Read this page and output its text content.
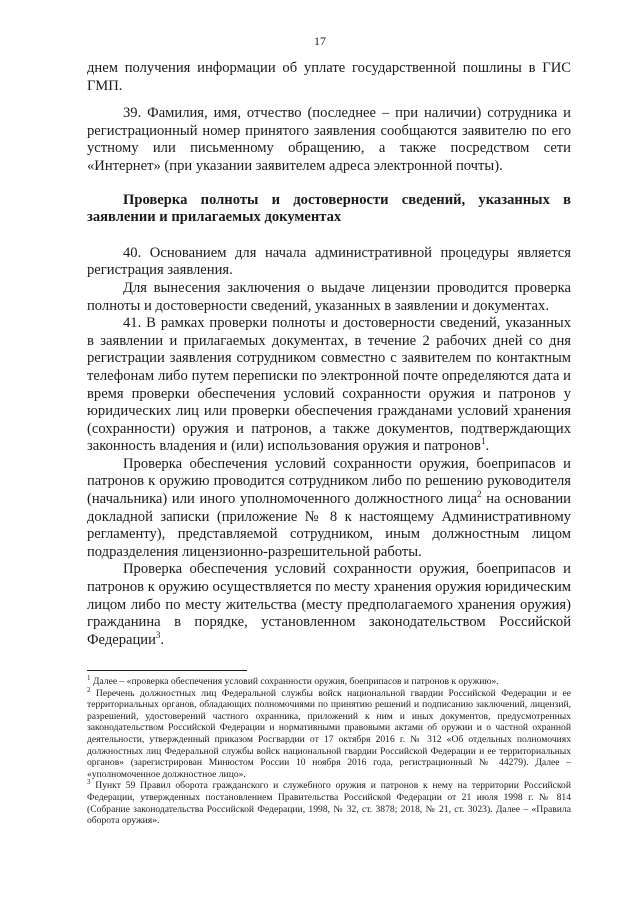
17

днем получения информации об уплате государственной пошлины в ГИС ГМП.

39. Фамилия, имя, отчество (последнее – при наличии) сотрудника и регистрационный номер принятого заявления сообщаются заявителю по его устному или письменному обращению, а также посредством сети «Интернет» (при указании заявителем адреса электронной почты).

Проверка полноты и достоверности сведений, указанных в заявлении и прилагаемых документах

40. Основанием для начала административной процедуры является регистрация заявления.

Для вынесения заключения о выдаче лицензии проводится проверка полноты и достоверности сведений, указанных в заявлении и документах.

41. В рамках проверки полноты и достоверности сведений, указанных в заявлении и прилагаемых документах, в течение 2 рабочих дней со дня регистрации заявления сотрудником совместно с заявителем по контактным телефонам либо путем переписки по электронной почте определяются дата и время проверки обеспечения условий сохранности оружия и патронов у юридических лиц или проверки обеспечения гражданами условий хранения (сохранности) оружия и патронов, а также документов, подтверждающих законность владения и (или) использования оружия и патронов$^1$.

Проверка обеспечения условий сохранности оружия, боеприпасов и патронов к оружию проводится сотрудником либо по решению руководителя (начальника) или иного уполномоченного должностного лица$^2$ на основании докладной записки (приложение № 8 к настоящему Административному регламенту), представляемой сотрудником, иным должностным лицом подразделения лицензионно-разрешительной работы.

Проверка обеспечения условий сохранности оружия, боеприпасов и патронов к оружию осуществляется по месту хранения оружия юридическим лицом либо по месту жительства (месту предполагаемого хранения оружия) гражданина в порядке, установленном законодательством Российской Федерации$^3$.

$^1$ Далее – «проверка обеспечения условий сохранности оружия, боеприпасов и патронов к оружию».

$^2$ Перечень должностных лиц Федеральной службы войск национальной гвардии Российской Федерации и ее территориальных органов, обладающих полномочиями по принятию решений и подписанию заключений, лицензий, разрешений, удостоверений частного охранника, приложений к ним и иных документов, предусмотренных законодательством Российской Федерации и нормативными правовыми актами об оружии и о частной охранной деятельности, утвержденный приказом Росгвардии от 17 октября 2016 г. № 312 «Об отдельных полномочиях должностных лиц Федеральной службы войск национальной гвардии Российской Федерации и ее территориальных органов» (зарегистрирован Минюстом России 10 ноября 2016 года, регистрационный № 44279). Далее – «уполномоченное должностное лицо».

$^3$ Пункт 59 Правил оборота гражданского и служебного оружия и патронов к нему на территории Российской Федерации, утвержденных постановлением Правительства Российской Федерации от 21 июля 1998 г. № 814 (Собрание законодательства Российской Федерации, 1998, № 32, ст. 3878; 2018, № 21, ст. 3023). Далее – «Правила оборота оружия».
